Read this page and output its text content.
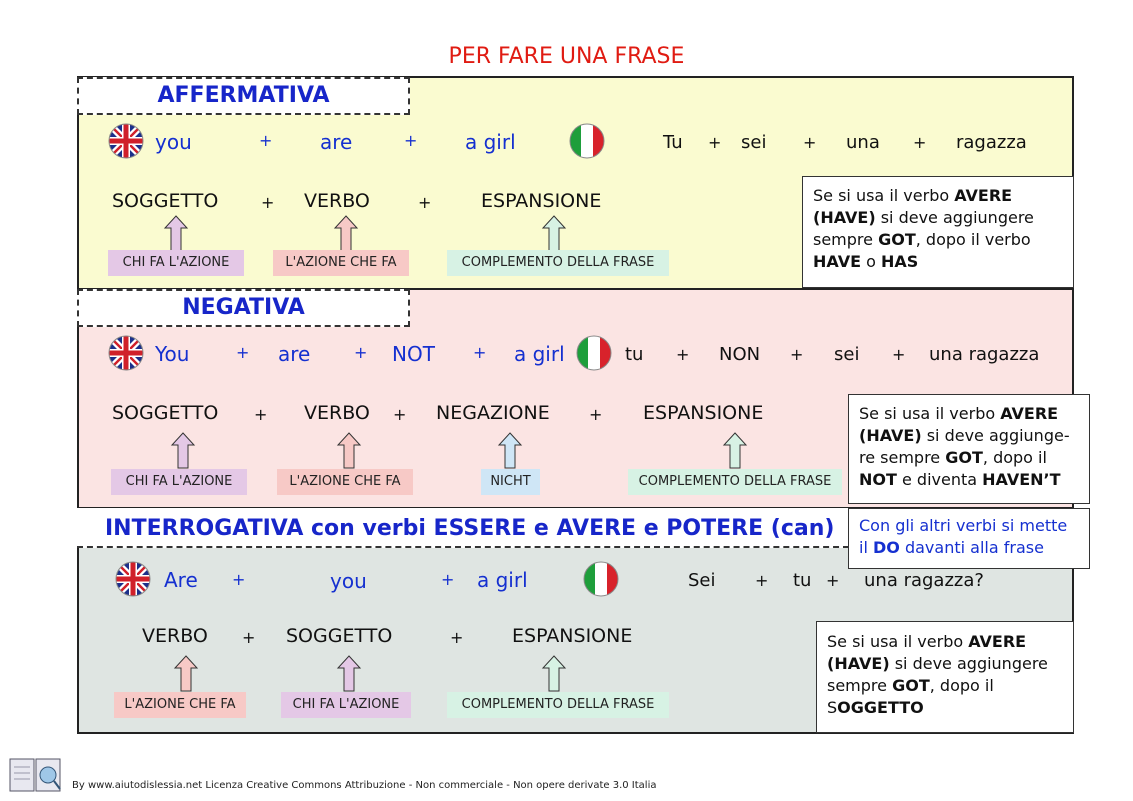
PER FARE UNA FRASE
AFFERMATIVA
NEGATIVA
INTERROGATIVA con verbi ESSERE e AVERE e POTERE (can)
you	+ are	+ a girl	Tu + sei + una + ragazza
SOGGETTO	+ VERBO	+	ESPANSIONE
CHI FA L'AZIONE	L'AZIONE CHE FA	COMPLEMENTO DELLA FRASE
Se si usa il verbo AVERE
(HAVE) si deve aggiungere sempre GOT, dopo il verbo
HAVE o HAS
You	+ are	+ NOT + a girl	tu + NON + sei + una ragazza
SOGGETTO + VERBO + NEGAZIONE + ESPANSIONE
CHI FA L'AZIONE	L'AZIONE CHE FA	NICHT	COMPLEMENTO DELLA FRASE
Se si usa il verbo AVERE
(HAVE) si deve aggiunge-re sempre GOT, dopo il
NOT e diventa HAVEN’T
Con gli altri verbi si mette il DO davanti alla frase
Are +	you	+ a girl	Sei + tu + una ragazza?
VERBO + SOGGETTO	+	ESPANSIONE
L'AZIONE CHE FA	CHI FA L'AZIONE	COMPLEMENTO DELLA FRASE
Se si usa il verbo AVERE
(HAVE) si deve aggiungere sempre GOT, dopo il SOGGETTO
By www.aiutodislessia.net Licenza Creative Commons Attribuzione - Non commerciale - Non opere derivate 3.0 Italia
